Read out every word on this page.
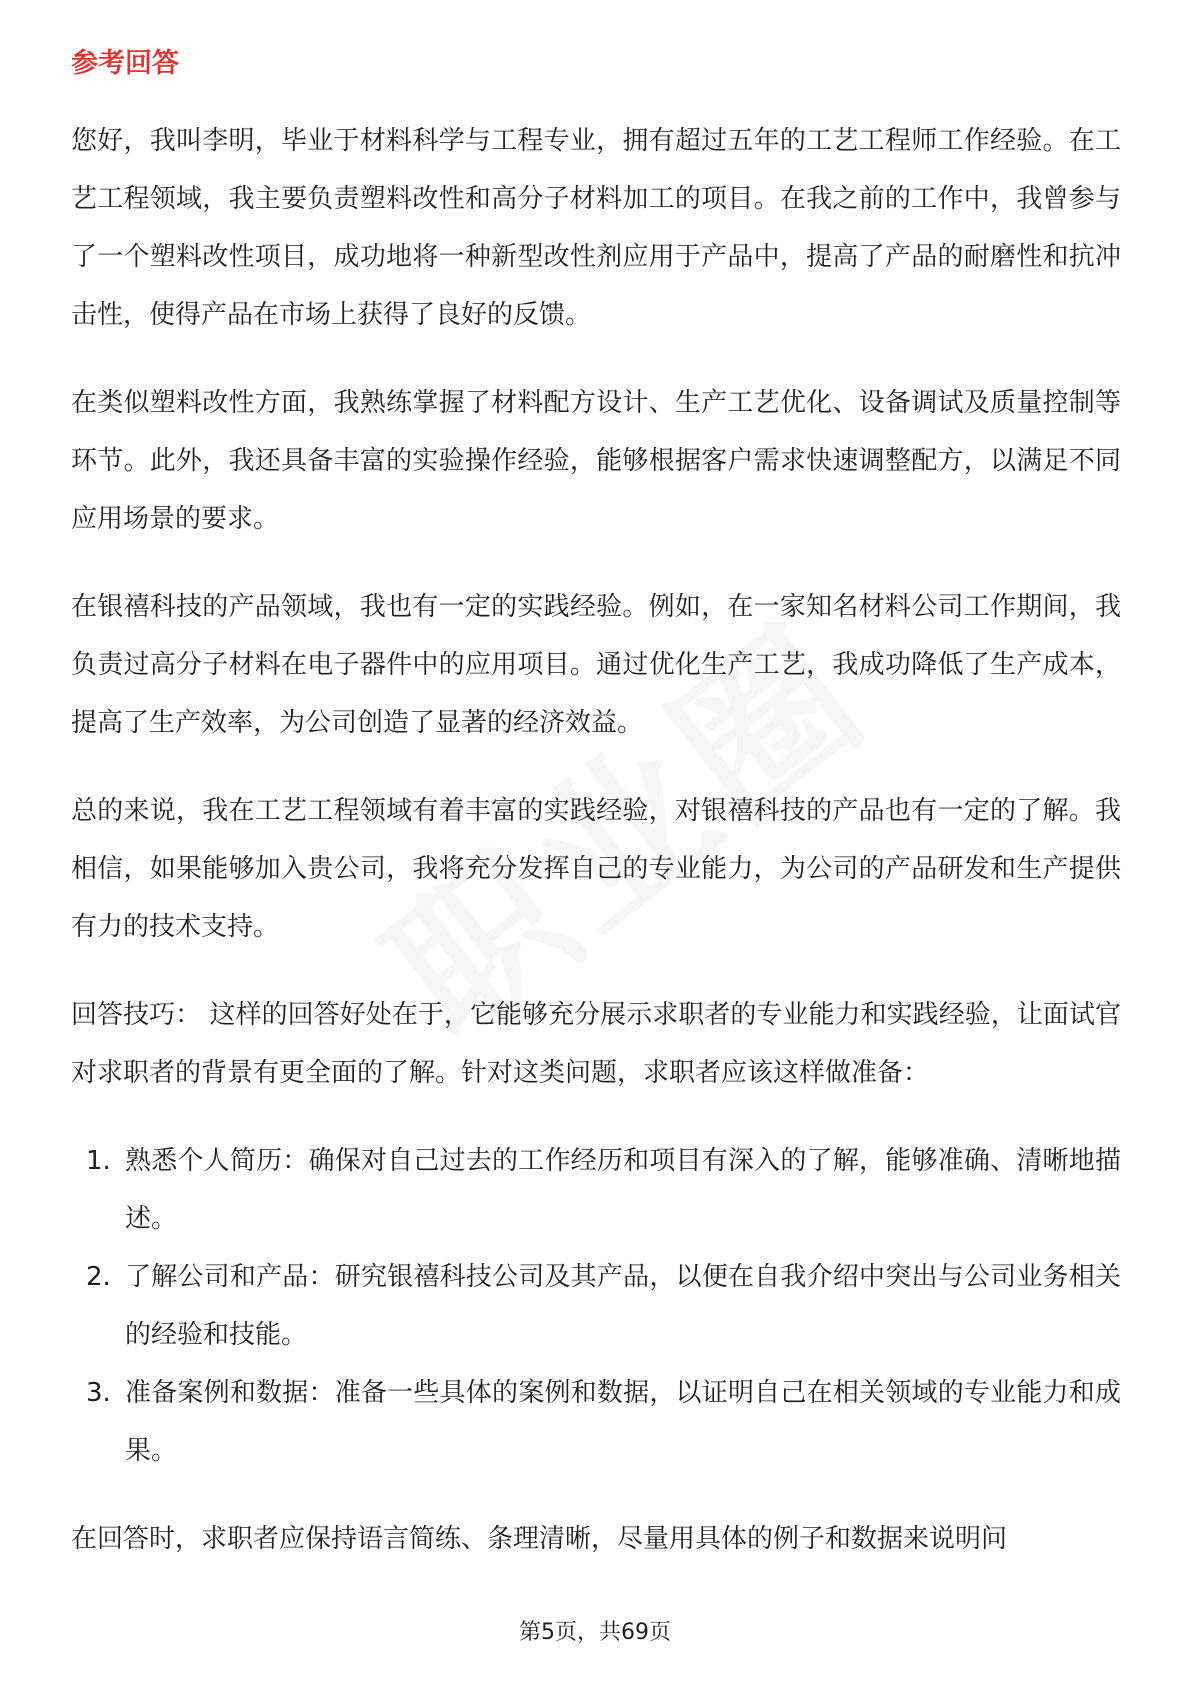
参考回答

您好，我叫李明，毕业于材料科学与工程专业，拥有超过五年的工艺工程师工作经验。在工艺工程领域，我主要负责塑料改性和高分子材料加工的项目。在我之前的工作中，我曾参与了一个塑料改性项目，成功地将一种新型改性剂应用于产品中，提高了产品的耐磨性和抗冲击性，使得产品在市场上获得了良好的反馈。

在类似塑料改性方面，我熟练掌握了材料配方设计、生产工艺优化、设备调试及质量控制等环节。此外，我还具备丰富的实验操作经验，能够根据客户需求快速调整配方，以满足不同应用场景的要求。

在银禧科技的产品领域，我也有一定的实践经验。例如，在一家知名材料公司工作期间，我负责过高分子材料在电子器件中的应用项目。通过优化生产工艺，我成功降低了生产成本，提高了生产效率，为公司创造了显著的经济效益。

总的来说，我在工艺工程领域有着丰富的实践经验，对银禧科技的产品也有一定的了解。我相信，如果能够加入贵公司，我将充分发挥自己的专业能力，为公司的产品研发和生产提供有力的技术支持。

回答技巧： 这样的回答好处在于，它能够充分展示求职者的专业能力和实践经验，让面试官对求职者的背景有更全面的了解。针对这类问题，求职者应该这样做准备：

1. 熟悉个人简历：确保对自己过去的工作经历和项目有深入的了解，能够准确、清晰地描述。
2. 了解公司和产品：研究银禧科技公司及其产品，以便在自我介绍中突出与公司业务相关的经验和技能。
3. 准备案例和数据：准备一些具体的案例和数据，以证明自己在相关领域的专业能力和成果。

在回答时，求职者应保持语言简练、条理清晰，尽量用具体的例子和数据来说明问

第5页，共69页
